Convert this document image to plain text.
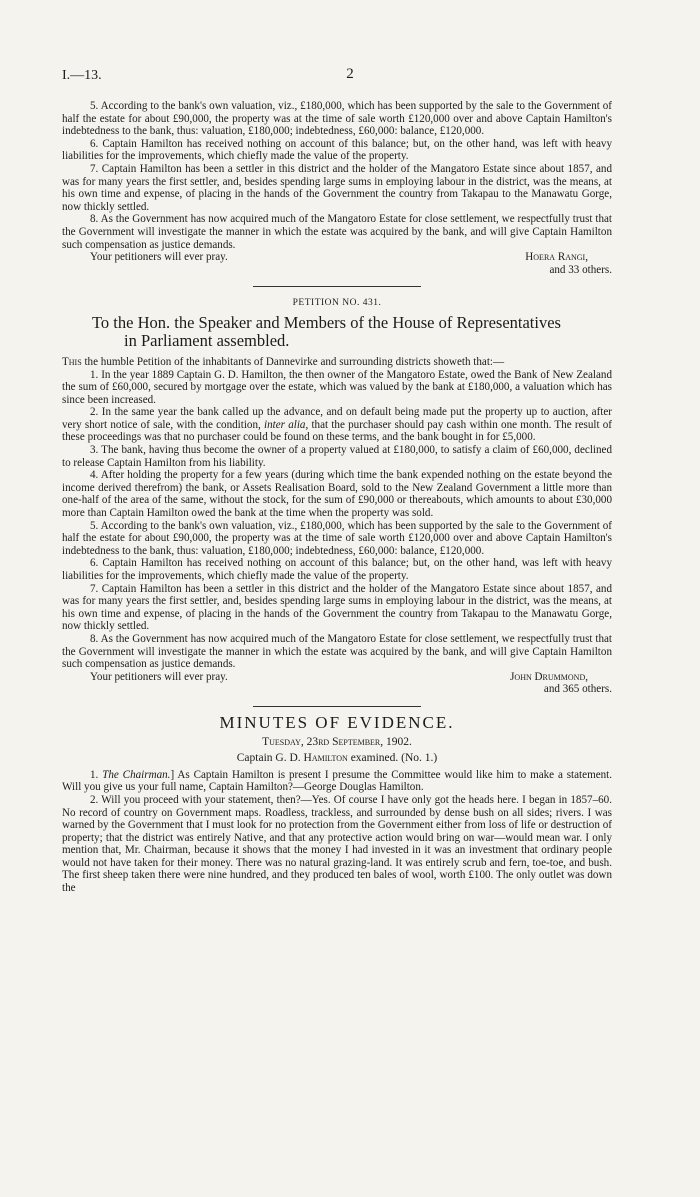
I.—13.	2

5. According to the bank's own valuation, viz., £180,000, which has been supported by the sale to the Government of half the estate for about £90,000, the property was at the time of sale worth £120,000 over and above Captain Hamilton's indebtedness to the bank, thus: valuation, £180,000; indebtedness, £60,000: balance, £120,000.

6. Captain Hamilton has received nothing on account of this balance; but, on the other hand, was left with heavy liabilities for the improvements, which chiefly made the value of the property.

7. Captain Hamilton has been a settler in this district and the holder of the Mangatoro Estate since about 1857, and was for many years the first settler, and, besides spending large sums in employing labour in the district, was the means, at his own time and expense, of placing in the hands of the Government the country from Takapau to the Manawatu Gorge, now thickly settled.

8. As the Government has now acquired much of the Mangatoro Estate for close settlement, we respectfully trust that the Government will investigate the manner in which the estate was acquired by the bank, and will give Captain Hamilton such compensation as justice demands.

Your petitioners will ever pray.	Hoera Rangi,
and 33 others.
PETITION NO. 431.
To the Hon. the Speaker and Members of the House of Representatives
in Parliament assembled.

This the humble Petition of the inhabitants of Dannevirke and surrounding districts showeth that:—

1. In the year 1889 Captain G. D. Hamilton, the then owner of the Mangatoro Estate, owed the Bank of New Zealand the sum of £60,000, secured by mortgage over the estate, which was valued by the bank at £180,000, a valuation which has since been increased.

2. In the same year the bank called up the advance, and on default being made put the property up to auction, after very short notice of sale, with the condition, inter alia, that the purchaser should pay cash within one month. The result of these proceedings was that no purchaser could be found on these terms, and the bank bought in for £5,000.

3. The bank, having thus become the owner of a property valued at £180,000, to satisfy a claim of £60,000, declined to release Captain Hamilton from his liability.

4. After holding the property for a few years (during which time the bank expended nothing on the estate beyond the income derived therefrom) the bank, or Assets Realisation Board, sold to the New Zealand Government a little more than one-half of the area of the same, without the stock, for the sum of £90,000 or thereabouts, which amounts to about £30,000 more than Captain Hamilton owed the bank at the time when the property was sold.

5. According to the bank's own valuation, viz., £180,000, which has been supported by the sale to the Government of half the estate for about £90,000, the property was at the time of sale worth £120,000 over and above Captain Hamilton's indebtedness to the bank, thus: valuation, £180,000; indebtedness, £60,000: balance, £120,000.

6. Captain Hamilton has received nothing on account of this balance; but, on the other hand, was left with heavy liabilities for the improvements, which chiefly made the value of the property.

7. Captain Hamilton has been a settler in this district and the holder of the Mangatoro Estate since about 1857, and was for many years the first settler, and, besides spending large sums in employing labour in the district, was the means, at his own time and expense, of placing in the hands of the Government the country from Takapau to the Manawatu Gorge, now thickly settled.

8. As the Government has now acquired much of the Mangatoro Estate for close settlement, we respectfully trust that the Government will investigate the manner in which the estate was acquired by the bank, and will give Captain Hamilton such compensation as justice demands.

Your petitioners will ever pray.	John Drummond,
and 365 others.
MINUTES OF EVIDENCE.
Tuesday, 23rd September, 1902.
Captain G. D. Hamilton examined. (No. 1.)

1. The Chairman.] As Captain Hamilton is present I presume the Committee would like him to make a statement. Will you give us your full name, Captain Hamilton?—George Douglas Hamilton.

2. Will you proceed with your statement, then?—Yes. Of course I have only got the heads here. I began in 1857–60. No record of country on Government maps. Roadless, trackless, and surrounded by dense bush on all sides; rivers. I was warned by the Government that I must look for no protection from the Government either from loss of life or destruction of property; that the district was entirely Native, and that any protective action would bring on war—would mean war. I only mention that, Mr. Chairman, because it shows that the money I had invested in it was an investment that ordinary people would not have taken for their money. There was no natural grazing-land. It was entirely scrub and fern, toe-toe, and bush. The first sheep taken there were nine hundred, and they produced ten bales of wool, worth £100. The only outlet was down the
